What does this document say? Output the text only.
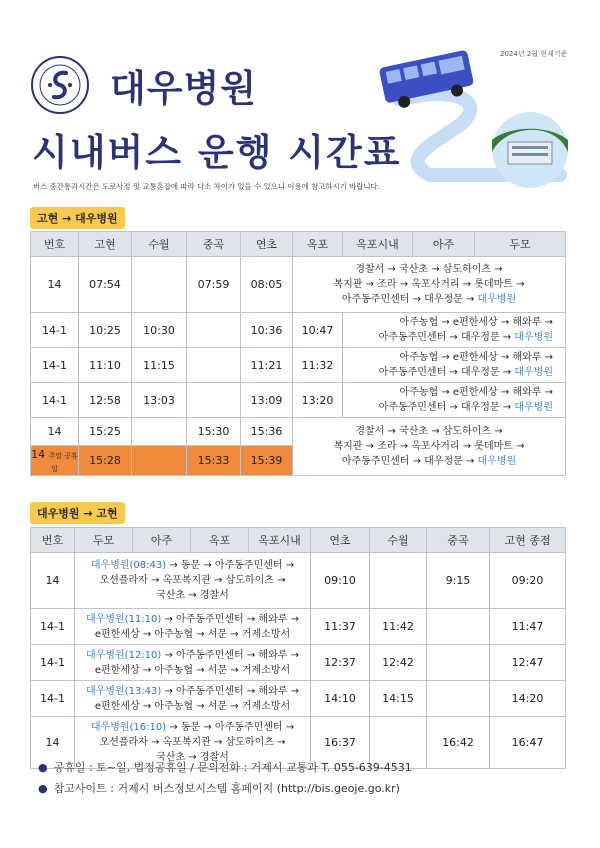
2024년 2월 현재기준
대우병원
시내버스 운행 시간표
버스 중간통과시간은 도로사정 및 교통혼잡에 따라 다소 차이가 있을 수 있으니 이용에 참고하시기 바랍니다.
고현 → 대우병원
번호	고현	수월	중곡	연초	옥포	옥포시내	아주	두모
14	07:54		07:59	08:05	경찰서 → 국산초 → 삼도하이츠 →
복지관 → 조라 → 옥포사거리 → 롯데마트 →
아주동주민센터 → 대우정문 → 대우병원			

14-1	10:25	10:30		10:36	10:47	아주농협 → e편한세상 → 해와루 →
아주동주민센터 → 대우정문 → 대우병원		

14-1	11:10	11:15		11:21	11:32	아주농협 → e편한세상 → 해와루 →
아주동주민센터 → 대우정문 → 대우병원		

14-1	12:58	13:03		13:09	13:20	아주농협 → e편한세상 → 해와루 →
아주동주민센터 → 대우정문 → 대우병원		

14	15:25		15:30	15:36	경찰서 → 국산초 → 삼도하이츠 →
복지관 → 조라 → 옥포사거리 → 롯데마트 →
아주동주민센터 → 대우정문 → 대우병원			

14 주말 공휴일	15:28		15:33	15:39				
대우병원 → 고현
번호	두모	아주	옥포	옥포시내	연초	수월	중곡	고현 종점
14	대우병원(08:43) → 동문 → 아주동주민센터 →
오션플라자 → 옥포복지관 → 삼도하이츠 →
국산초 → 경찰서				09:10		9:15	09:20
14-1	대우병원(11:10) → 아주동주민센터 → 해와루 →
e편한세상 → 아주농협 → 서문 → 거제소방서				11:37	11:42		11:47
14-1	대우병원(12:10) → 아주동주민센터 → 해와루 →
e편한세상 → 아주농협 → 서문 → 거제소방서				12:37	12:42		12:47
14-1	대우병원(13:43) → 아주동주민센터 → 해와루 →
e편한세상 → 아주농협 → 서문 → 거제소방서				14:10	14:15		14:20
14	대우병원(16:10) → 동문 → 아주동주민센터 →
오션플라자 → 옥포복지관 → 삼도하이츠 →
국산초 → 경찰서				16:37		16:42	16:47
● 공휴일 : 토~일, 법정공휴일 / 문의전화 : 거제시 교통과 T. 055-639-4531
● 참고사이트 : 거제시 버스정보시스템 홈페이지 (http://bis.geoje.go.kr)
